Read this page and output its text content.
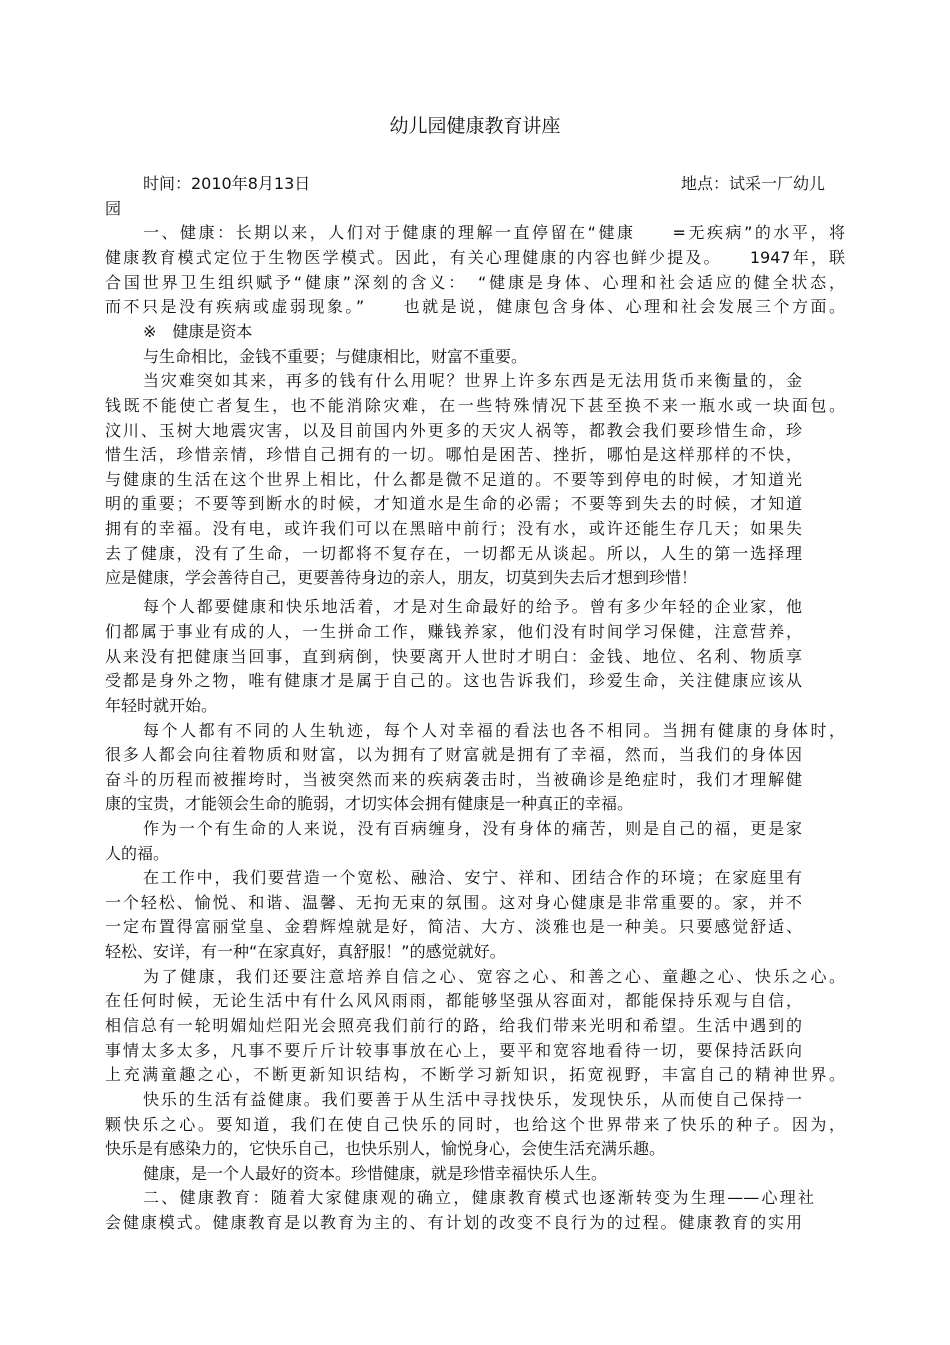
幼儿园健康教育讲座
时间：2010年8月13日	地点：试采一厂幼儿
园
一、健康：长期以来，人们对于健康的理解一直停留在“健康　　=无疾病”的水平，将
健康教育模式定位于生物医学模式。因此，有关心理健康的内容也鲜少提及。　　1947年，联
合国世界卫生组织赋予“健康”深刻的含义：　“健康是身体、心理和社会适应的健全状态，
而不只是没有疾病或虚弱现象。”　　也就是说，健康包含身体、心理和社会发展三个方面。
※　健康是资本
与生命相比，金钱不重要；与健康相比，财富不重要。
当灾难突如其来，再多的钱有什么用呢？世界上许多东西是无法用货币来衡量的，金
钱既不能使亡者复生，也不能消除灾难，在一些特殊情况下甚至换不来一瓶水或一块面包。
汶川、玉树大地震灾害，以及目前国内外更多的天灾人祸等，都教会我们要珍惜生命，珍
惜生活，珍惜亲情，珍惜自己拥有的一切。哪怕是困苦、挫折，哪怕是这样那样的不快，
与健康的生活在这个世界上相比，什么都是微不足道的。不要等到停电的时候，才知道光
明的重要；不要等到断水的时候，才知道水是生命的必需；不要等到失去的时候，才知道
拥有的幸福。没有电，或许我们可以在黑暗中前行；没有水，或许还能生存几天；如果失
去了健康，没有了生命，一切都将不复存在，一切都无从谈起。所以，人生的第一选择理
应是健康，学会善待自己，更要善待身边的亲人，朋友，切莫到失去后才想到珍惜！
每个人都要健康和快乐地活着，才是对生命最好的给予。曾有多少年轻的企业家，他
们都属于事业有成的人，一生拼命工作，赚钱养家，他们没有时间学习保健，注意营养，
从来没有把健康当回事，直到病倒，快要离开人世时才明白：金钱、地位、名利、物质享
受都是身外之物，唯有健康才是属于自己的。这也告诉我们，珍爱生命，关注健康应该从
年轻时就开始。
每个人都有不同的人生轨迹，每个人对幸福的看法也各不相同。当拥有健康的身体时，
很多人都会向往着物质和财富，以为拥有了财富就是拥有了幸福，然而，当我们的身体因
奋斗的历程而被摧垮时，当被突然而来的疾病袭击时，当被确诊是绝症时，我们才理解健
康的宝贵，才能领会生命的脆弱，才切实体会拥有健康是一种真正的幸福。
作为一个有生命的人来说，没有百病缠身，没有身体的痛苦，则是自己的福，更是家
人的福。
在工作中，我们要营造一个宽松、融洽、安宁、祥和、团结合作的环境；在家庭里有
一个轻松、愉悦、和谐、温馨、无拘无束的氛围。这对身心健康是非常重要的。家，并不
一定布置得富丽堂皇、金碧辉煌就是好，简洁、大方、淡雅也是一种美。只要感觉舒适、
轻松、安详，有一种“在家真好，真舒服！”的感觉就好。
为了健康，我们还要注意培养自信之心、宽容之心、和善之心、童趣之心、快乐之心。
在任何时候，无论生活中有什么风风雨雨，都能够坚强从容面对，都能保持乐观与自信，
相信总有一轮明媚灿烂阳光会照亮我们前行的路，给我们带来光明和希望。生活中遇到的
事情太多太多，凡事不要斤斤计较事事放在心上，要平和宽容地看待一切，要保持活跃向
上充满童趣之心，不断更新知识结构，不断学习新知识，拓宽视野，丰富自己的精神世界。
快乐的生活有益健康。我们要善于从生活中寻找快乐，发现快乐，从而使自己保持一
颗快乐之心。要知道，我们在使自己快乐的同时，也给这个世界带来了快乐的种子。因为，
快乐是有感染力的，它快乐自己，也快乐别人，愉悦身心，会使生活充满乐趣。
健康，是一个人最好的资本。珍惜健康，就是珍惜幸福快乐人生。
二、健康教育：随着大家健康观的确立，健康教育模式也逐渐转变为生理——心理社
会健康模式。健康教育是以教育为主的、有计划的改变不良行为的过程。健康教育的实用
